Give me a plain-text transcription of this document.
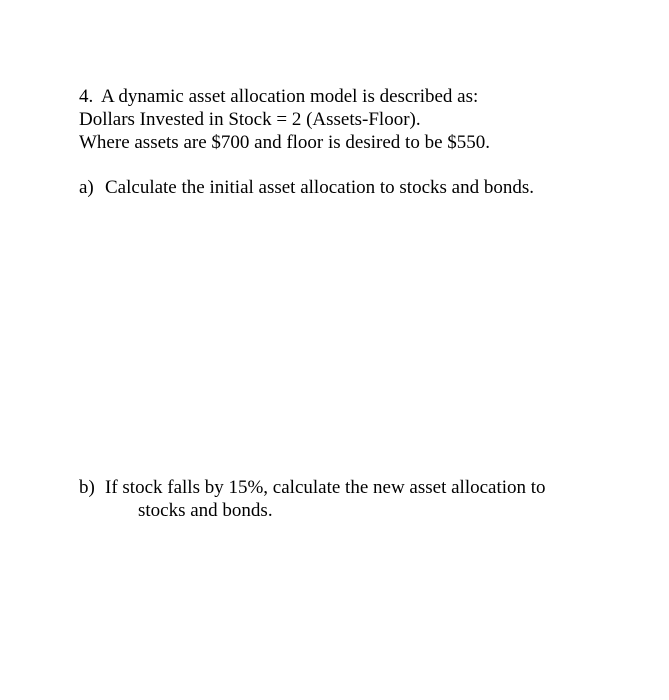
4. A dynamic asset allocation model is described as:
Dollars Invested in Stock = 2 (Assets-Floor).
Where assets are $700 and floor is desired to be $550.
a) Calculate the initial asset allocation to stocks and bonds.
b) If stock falls by 15%, calculate the new asset allocation to
stocks and bonds.
